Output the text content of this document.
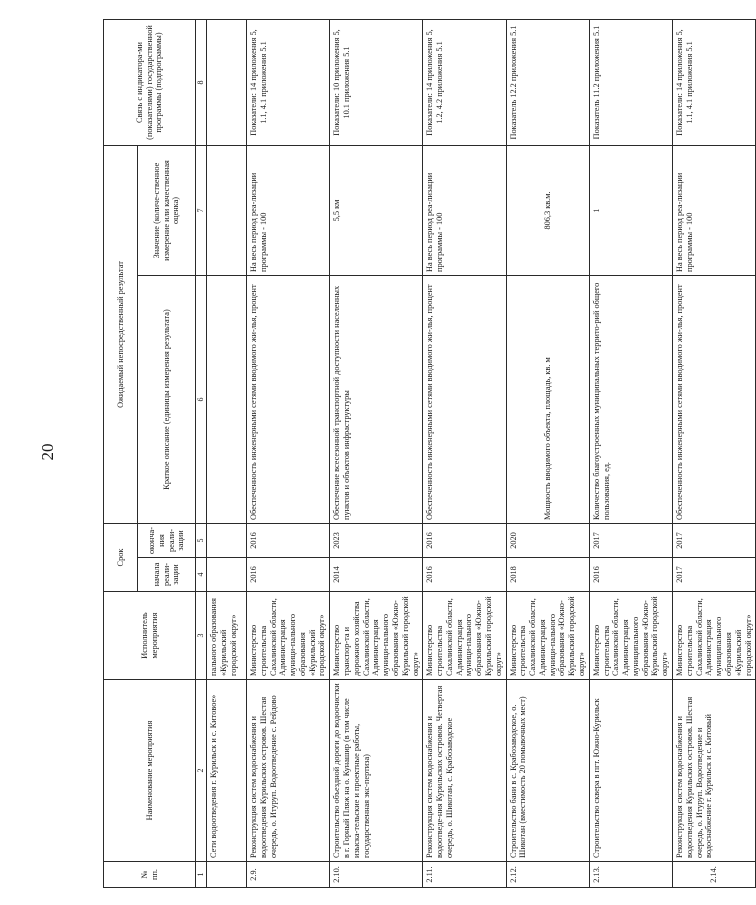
20
№ пп.	Наименование мероприятия	Исполнитель мероприятия	Срок		Ожидаемый непосредственный результат		Связь с индикатора-ми (показателями) государственной программы (подпрограммы)
			начала реали-зации	оконча-ния реали-зации	Краткое описание (единицы измерения результата)	Значение (количе-ственное измерение или качественная оценка)	
1	2	3	4	5	6	7	8
	Сети водоотведения г. Курильск и с. Китовое»	пального образования «Курильский городской округ»					
2.9.	Реконструкция систем водоснабжения и водоотведения Курильских островов. Шестая очередь, о. Итуруп. Водоотведение с. Рейдово	Министерство строительства Сахалинской области, Администрация муници-пального образования «Курильский городской округ»	2016	2016	Обеспеченность инженерными сетями вводимого жи-лья, процент	На весь период реа-лизации программы - 100	Показатели: 14 приложения 5, 1.1, 4.1 приложения 5.1
2.10.	Строительство объездной дороги до водоочистки в г. Горный Пляж на о. Кунашир (в том числе изыска-тельские и проектные работы, государственная экс-пертиза)	Министерство транспор-та и дорожного хозяйства Сахалинской области, Администрация муници-пального образования «Южно-Курильский городской округ»	2014	2023	Обеспечение всесезонной транспортной доступности населенных пунктов и объектов инфраструктуры	5,5 км	Показатели: 10 приложения 5, 10.1 приложения 5.1
2.11.	Реконструкция систем водоснабжения и водоотведе-ния Курильских островов. Четвертая очередь, о. Шикотан, с. Крабозаводское	Министерство строительства Сахалинской области, Администрация муници-пального образования «Южно-Курильский городской округ»	2016	2016	Обеспеченность инженерными сетями вводимого жи-лья, процент	На весь период реа-лизации программы - 100	Показатели: 14 приложения 5, 1.2, 4.2 приложения 5.1
2.12.	Строительство бани в с. Крабозаводское, о. Шикотан (вместимость 20 помывочных мест)	Министерство строительства Сахалинской области, Администрация муници-пального образования «Южно-Курильский городской округ»	2018	2020	Мощность вводимого объекта, площадь, кв. м	806,3 кв.м.	Показатель 12.2 приложения 5.1
2.13.	Строительство сквера в пгт. Южно-Курильск	Министерство строительства Сахалинской области, Администрация муниципального образования «Южно-Курильский городской округ»	2016	2017	Количество благоустроенных муниципальных террито-рий общего пользования, ед.	1	Показатель 11.2 приложения 5.1
2.14.	Реконструкция систем водоснабжения и водоотведения Курильских островов. Шестая очередь, о. Итуруп. Водоотведение и водоснабжение г. Курильск и с. Китовый	Министерство строительства Сахалинской области, Администрация муниципального образования «Курильский городской округ»	2017	2017	Обеспеченность инженерными сетями вводимого жи-лья, процент	На весь период реа-лизации программы - 100	Показатели: 14 приложения 5, 1.1, 4.1 приложения 5.1
